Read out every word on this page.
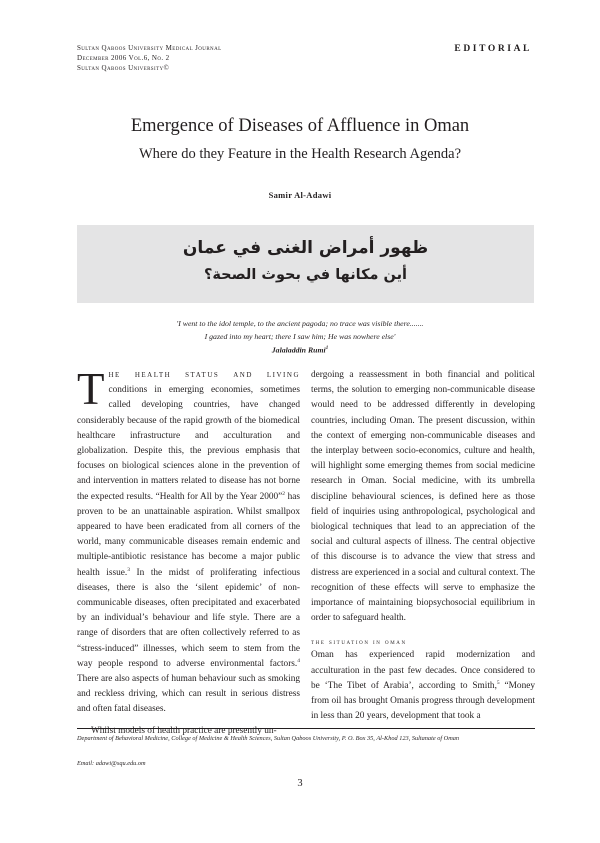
Sultan Qaboos University Medical Journal
December 2006 Vol.6, No. 2
Sultan Qaboos University©
EDITORIAL
Emergence of Diseases of Affluence in Oman
Where do they Feature in the Health Research Agenda?
Samir Al-Adawi
ظهور أمراض الغنى في عمان
أين مكانها في بحوث الصحة؟
'I went to the idol temple, to the ancient pagoda; no trace was visible there.......
I gazed into my heart; there I saw him; He was nowhere else'
Jalaladdin Rumi$^1$

The health status and living conditions in emerging economies, sometimes called developing countries, have changed considerably because of the rapid growth of the biomedical healthcare infrastructure and acculturation and globalization. Despite this, the previous emphasis that focuses on biological sciences alone in the prevention of and intervention in matters related to disease has not borne the expected results. “Health for All by the Year 2000”$^2$ has proven to be an unattainable aspiration. Whilst smallpox appeared to have been eradicated from all corners of the world, many communicable diseases remain endemic and multiple-antibiotic resistance has become a major public health issue.$^3$ In the midst of proliferating infectious diseases, there is also the ‘silent epidemic’ of non-communicable diseases, often precipitated and exacerbated by an individual’s behaviour and life style. There are a range of disorders that are often collectively referred to as “stress-induced” illnesses, which seem to stem from the way people respond to adverse environmental factors.$^4$ There are also aspects of human behaviour such as smoking and reckless driving, which can result in serious distress and often fatal diseases.

Whilst models of health practice are presently un-

dergoing a reassessment in both financial and political terms, the solution to emerging non-communicable disease would need to be addressed differently in developing countries, including Oman. The present discussion, within the context of emerging non-communicable diseases and the interplay between socio-economics, culture and health, will highlight some emerging themes from social medicine research in Oman. Social medicine, with its umbrella discipline behavioural sciences, is defined here as those field of inquiries using anthropological, psychological and biological techniques that lead to an appreciation of the social and cultural aspects of illness. The central objective of this discourse is to advance the view that stress and distress are experienced in a social and cultural context. The recognition of these effects will serve to emphasize the importance of maintaining biopsychosocial equilibrium in order to safeguard health.

the situation in oman

Oman has experienced rapid modernization and acculturation in the past few decades. Once considered to be ‘The Tibet of Arabia’, according to Smith,$^5$ “Money from oil has brought Omanis progress through development in less than 20 years, development that took a

Department of Behavioral Medicine, College of Medicine & Health Sciences, Sultan Qaboos University, P. O. Box 35, Al-Khod 123, Sultanate of Oman
Email: adawi@squ.edu.om
3
